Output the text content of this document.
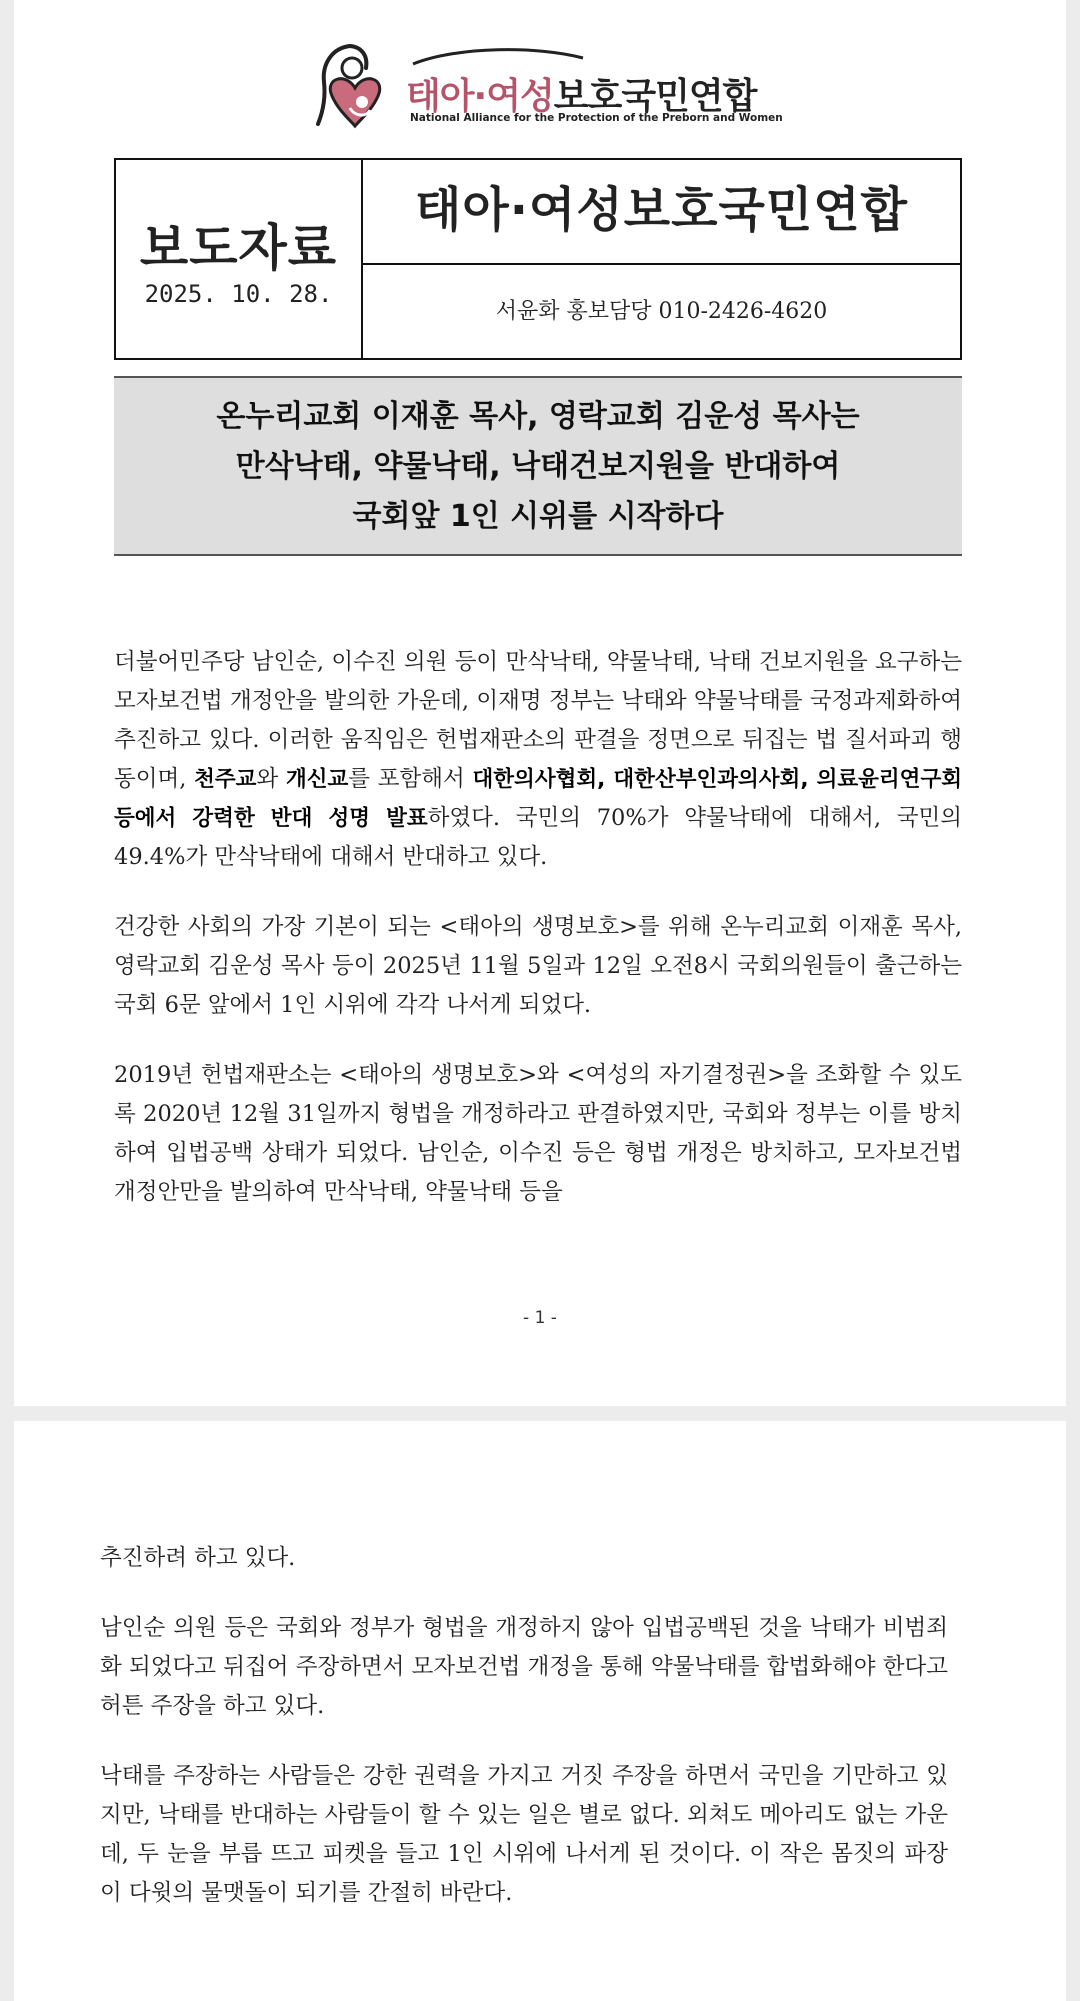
태아·여성보호국민연합
National Alliance for the Protection of the Preborn and Women
보도자료
2025. 10. 28.
태아·여성보호국민연합
서윤화 홍보담당 010-2426-4620
온누리교회 이재훈 목사, 영락교회 김운성 목사는
만삭낙태, 약물낙태, 낙태건보지원을 반대하여
국회앞 1인 시위를 시작하다

더불어민주당 남인순, 이수진 의원 등이 만삭낙태, 약물낙태, 낙태 건보지원을 요구하는 모자보건법 개정안을 발의한 가운데, 이재명 정부는 낙태와 약물낙태를 국정과제화하여 추진하고 있다. 이러한 움직임은 헌법재판소의 판결을 정면으로 뒤집는 법 질서파괴 행동이며, 천주교와 개신교를 포함해서 대한의사협회, 대한산부인과의사회, 의료윤리연구회 등에서 강력한 반대 성명 발표하였다. 국민의 70%가 약물낙태에 대해서, 국민의 49.4%가 만삭낙태에 대해서 반대하고 있다.

건강한 사회의 가장 기본이 되는 <태아의 생명보호>를 위해 온누리교회 이재훈 목사, 영락교회 김운성 목사 등이 2025년 11월 5일과 12일 오전8시 국회의원들이 출근하는 국회 6문 앞에서 1인 시위에 각각 나서게 되었다.

2019년 헌법재판소는 <태아의 생명보호>와 <여성의 자기결정권>을 조화할 수 있도록 2020년 12월 31일까지 형법을 개정하라고 판결하였지만, 국회와 정부는 이를 방치하여 입법공백 상태가 되었다. 남인순, 이수진 등은 형법 개정은 방치하고, 모자보건법 개정안만을 발의하여 만삭낙태, 약물낙태 등을

- 1 -

추진하려 하고 있다.

남인순 의원 등은 국회와 정부가 형법을 개정하지 않아 입법공백된 것을 낙태가 비범죄화 되었다고 뒤집어 주장하면서 모자보건법 개정을 통해 약물낙태를 합법화해야 한다고 허튼 주장을 하고 있다.

낙태를 주장하는 사람들은 강한 권력을 가지고 거짓 주장을 하면서 국민을 기만하고 있지만, 낙태를 반대하는 사람들이 할 수 있는 일은 별로 없다. 외쳐도 메아리도 없는 가운데, 두 눈을 부릅 뜨고 피켓을 들고 1인 시위에 나서게 된 것이다. 이 작은 몸짓의 파장이 다윗의 물맷돌이 되기를 간절히 바란다.
